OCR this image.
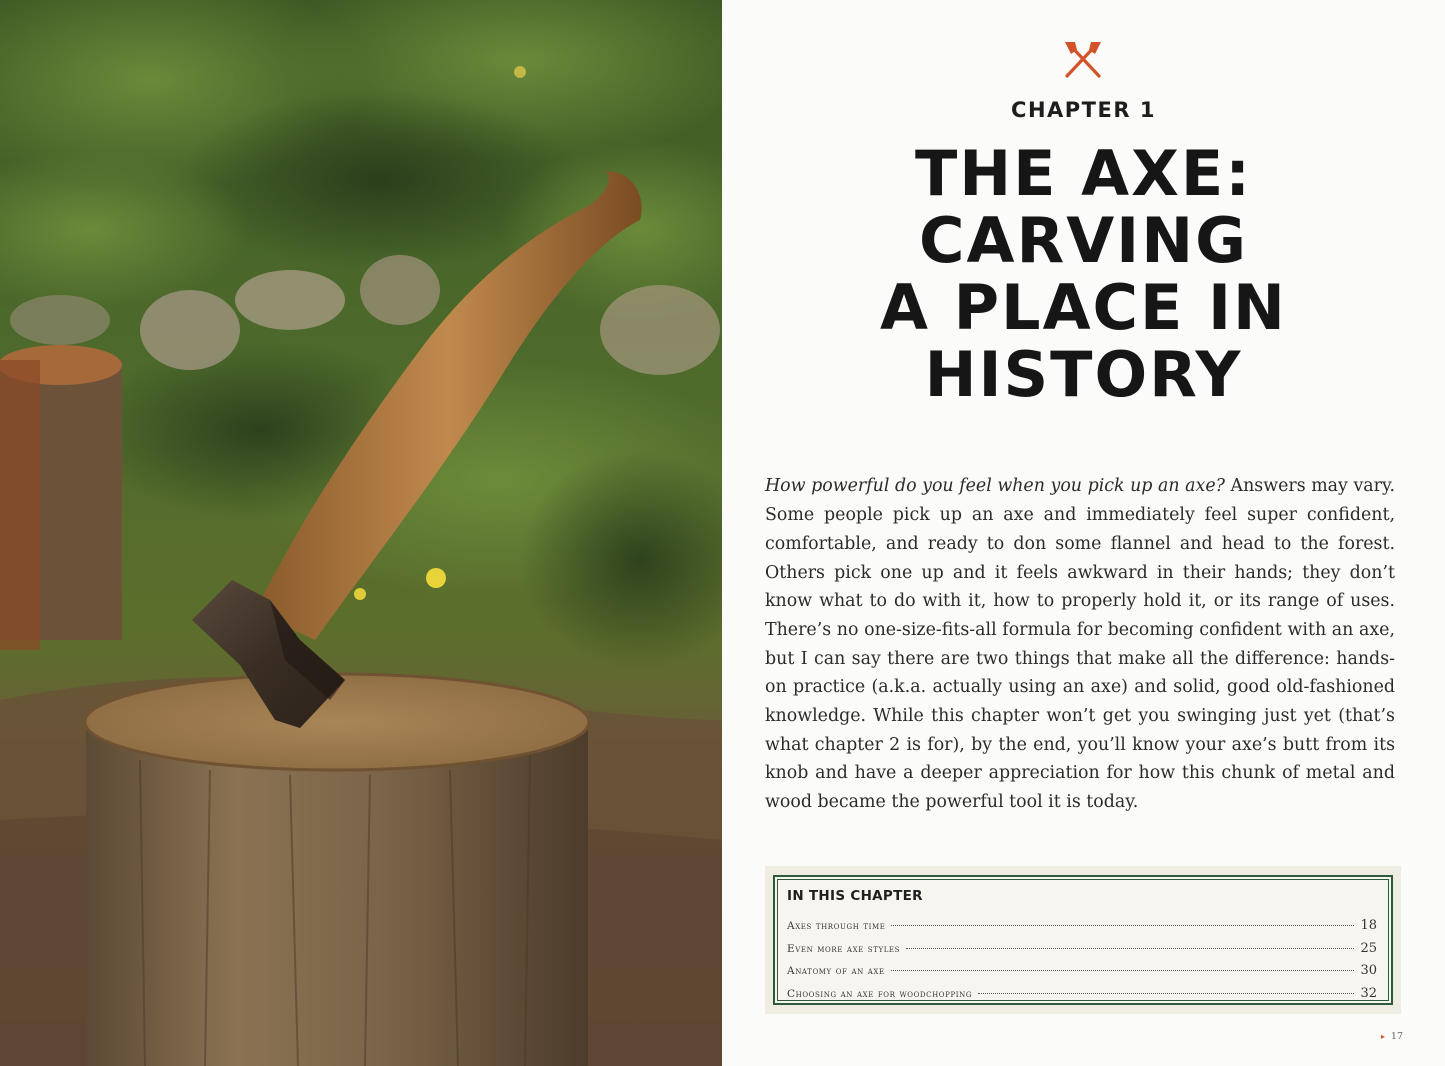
CHAPTER 1
THE AXE:
CARVING
A PLACE IN
HISTORY

How powerful do you feel when you pick up an axe? Answers may vary. Some people pick up an axe and immediately feel super confident, comfortable, and ready to don some flannel and head to the forest. Others pick one up and it feels awkward in their hands; they don’t know what to do with it, how to properly hold it, or its range of uses. There’s no one-size-fits-all formula for becoming confident with an axe, but I can say there are two things that make all the difference: hands-on practice (a.k.a. actually using an axe) and solid, good old-fashioned knowledge. While this chapter won’t get you swinging just yet (that’s what chapter 2 is for), by the end, you’ll know your axe’s butt from its knob and have a deeper appreciation for how this chunk of metal and wood became the powerful tool it is today.

IN THIS CHAPTER
Axes through time	18
Even more axe styles	25
Anatomy of an axe	30
Choosing an axe for woodchopping	32
▸ 17
